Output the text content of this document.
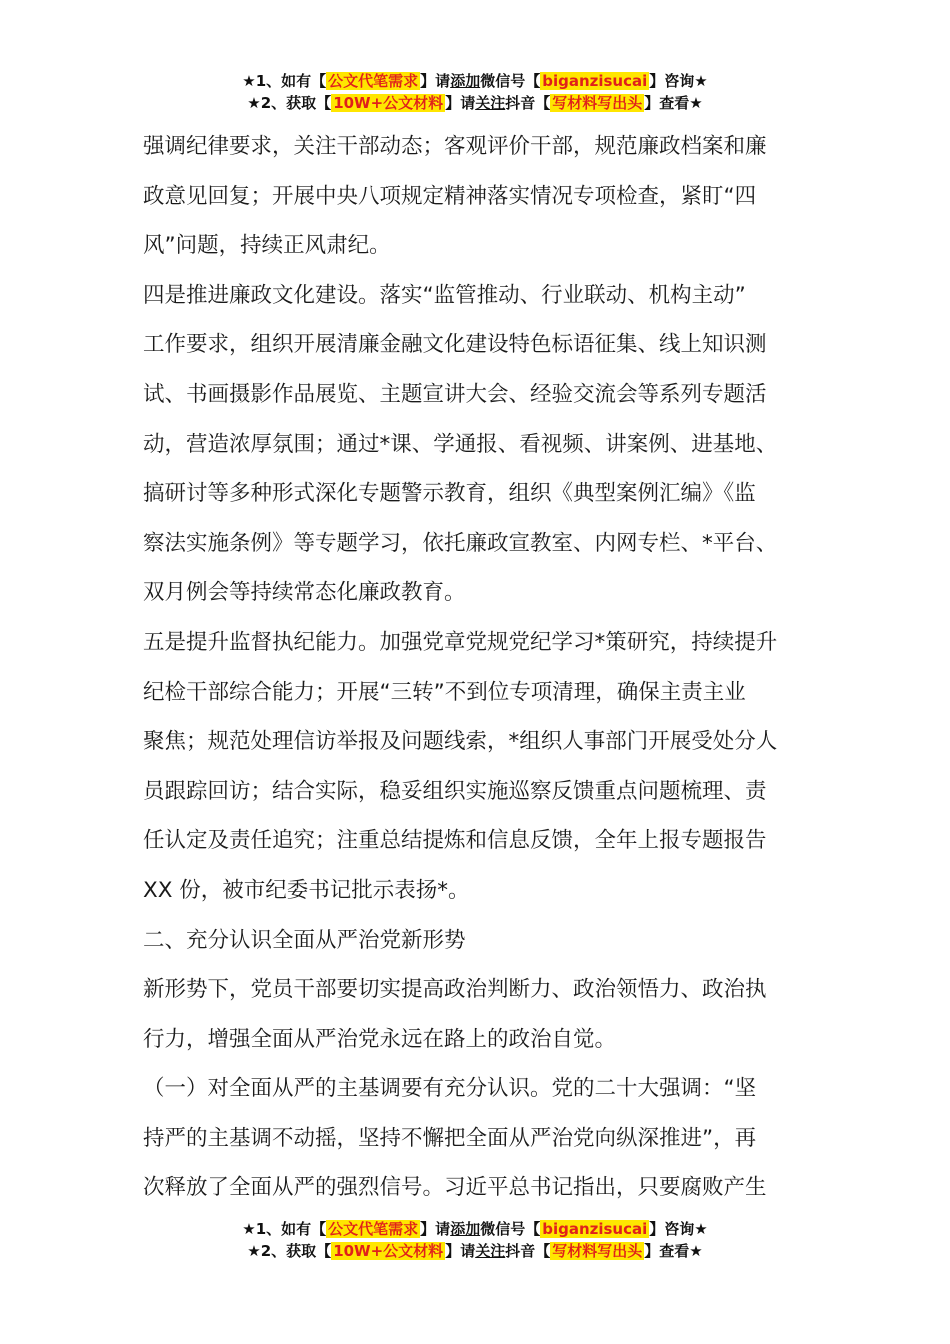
★1、如有【 公文代笔需求 】请添加微信号【 biganzisucai 】咨询★
★2、获取【 10W+公文材料 】请关注抖音【 写材料写出头 】查看★

强调纪律要求，关注干部动态；客观评价干部，规范廉政档案和廉

政意见回复；开展中央八项规定精神落实情况专项检查，紧盯“四

风”问题，持续正风肃纪。

四是推进廉政文化建设。落实“监管推动、行业联动、机构主动”

工作要求，组织开展清廉金融文化建设特色标语征集、线上知识测

试、书画摄影作品展览、主题宣讲大会、经验交流会等系列专题活

动，营造浓厚氛围；通过*课、学通报、看视频、讲案例、进基地、

搞研讨等多种形式深化专题警示教育，组织《典型案例汇编》《监

察法实施条例》等专题学习，依托廉政宣教室、内网专栏、*平台、

双月例会等持续常态化廉政教育。

五是提升监督执纪能力。加强党章党规党纪学习*策研究，持续提升

纪检干部综合能力；开展“三转”不到位专项清理，确保主责主业

聚焦；规范处理信访举报及问题线索，*组织人事部门开展受处分人

员跟踪回访；结合实际，稳妥组织实施巡察反馈重点问题梳理、责

任认定及责任追究；注重总结提炼和信息反馈，全年上报专题报告

XX 份，被市纪委书记批示表扬*。

二、充分认识全面从严治党新形势

新形势下，党员干部要切实提高政治判断力、政治领悟力、政治执

行力，增强全面从严治党永远在路上的政治自觉。

（一）对全面从严的主基调要有充分认识。党的二十大强调：“坚

持严的主基调不动摇，坚持不懈把全面从严治党向纵深推进”，再

次释放了全面从严的强烈信号。习近平总书记指出，只要腐败产生

★1、如有【 公文代笔需求 】请添加微信号【 biganzisucai 】咨询★
★2、获取【 10W+公文材料 】请关注抖音【 写材料写出头 】查看★
